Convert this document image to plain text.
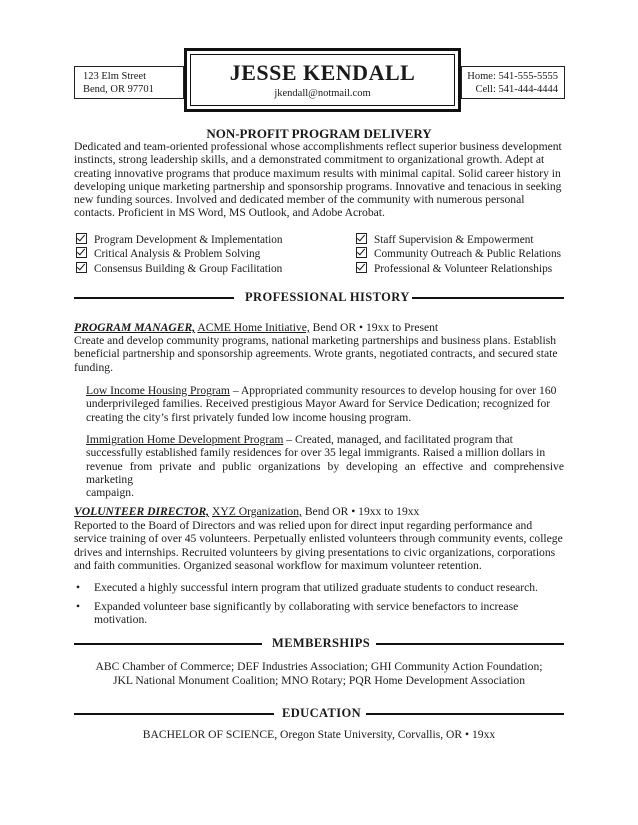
123 Elm Street
Bend, OR 97701
JESSE KENDALL
jkendall@notmail.com
Home: 541-555-5555
Cell: 541-444-4444
NON-PROFIT PROGRAM DELIVERY
Dedicated and team-oriented professional whose accomplishments reflect superior business development
instincts, strong leadership skills, and a demonstrated commitment to organizational growth. Adept at
creating innovative programs that produce maximum results with minimal capital. Solid career history in
developing unique marketing partnership and sponsorship programs. Innovative and tenacious in seeking
new funding sources. Involved and dedicated member of the community with numerous personal
contacts. Proficient in MS Word, MS Outlook, and Adobe Acrobat.
Program Development & Implementation
Critical Analysis & Problem Solving
Consensus Building & Group Facilitation
Staff Supervision & Empowerment
Community Outreach & Public Relations
Professional & Volunteer Relationships
PROFESSIONAL HISTORY
PROGRAM MANAGER, ACME Home Initiative, Bend OR • 19xx to Present
Create and develop community programs, national marketing partnerships and business plans. Establish
beneficial partnership and sponsorship agreements. Wrote grants, negotiated contracts, and secured state
funding.
Low Income Housing Program – Appropriated community resources to develop housing for over 160
underprivileged families. Received prestigious Mayor Award for Service Dedication; recognized for
creating the city’s first privately funded low income housing program.
Immigration Home Development Program – Created, managed, and facilitated program that
successfully established family residences for over 35 legal immigrants. Raised a million dollars in
revenue from private and public organizations by developing an effective and comprehensive marketing
campaign.
VOLUNTEER DIRECTOR, XYZ Organization, Bend OR • 19xx to 19xx
Reported to the Board of Directors and was relied upon for direct input regarding performance and
service training of over 45 volunteers. Perpetually enlisted volunteers through community events, college
drives and internships. Recruited volunteers by giving presentations to civic organizations, corporations
and faith communities. Organized seasonal workflow for maximum volunteer retention.
• Executed a highly successful intern program that utilized graduate students to conduct research.
• Expanded volunteer base significantly by collaborating with service benefactors to increase
motivation.
MEMBERSHIPS
ABC Chamber of Commerce; DEF Industries Association; GHI Community Action Foundation;
JKL National Monument Coalition; MNO Rotary; PQR Home Development Association
EDUCATION
BACHELOR OF SCIENCE, Oregon State University, Corvallis, OR • 19xx
